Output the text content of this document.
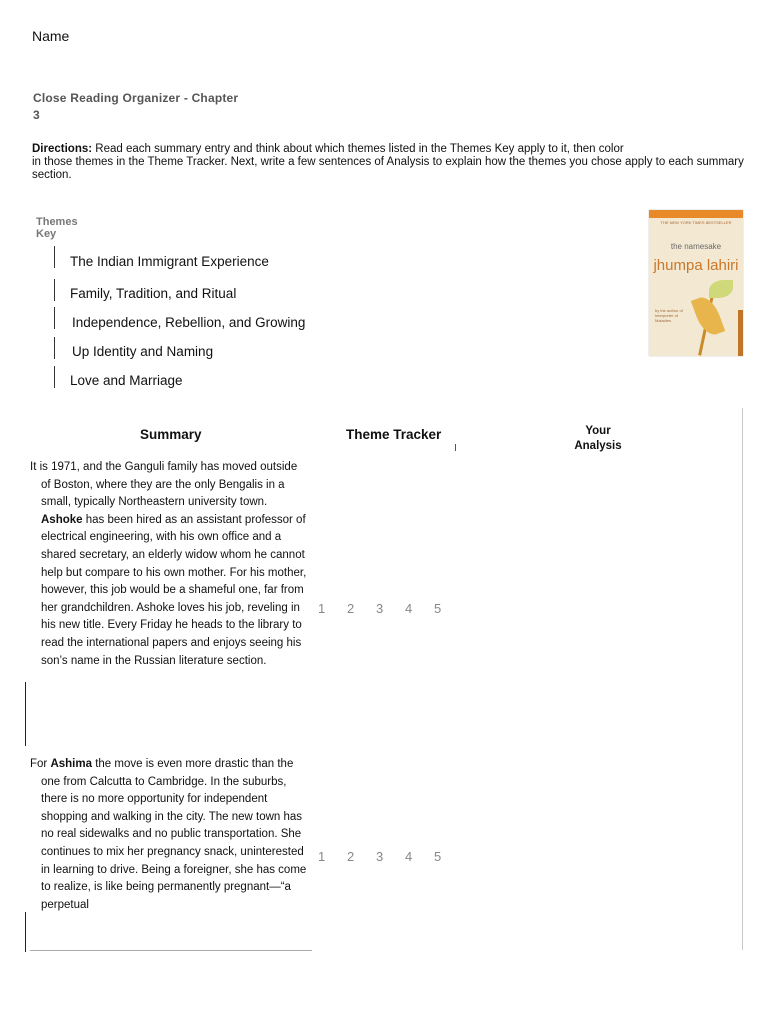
Name
Close Reading Organizer - Chapter
3
Directions: Read each summary entry and think about which themes listed in the Themes Key apply to it, then color
in those themes in the Theme Tracker. Next, write a few sentences of Analysis to explain how the themes you chose apply to each summary section.
Themes
Key
The Indian Immigrant Experience
Family, Tradition, and Ritual
Independence, Rebellion, and Growing
Up Identity and Naming
Love and Marriage
THE NEW YORK TIMES BESTSELLER
the namesake
jhumpa lahiri
by the author of Interpreter of Maladies
Summary	Theme Tracker	Your
Analysis
It is 1971, and the Ganguli family has moved outside of Boston, where they are the only Bengalis in a small, typically Northeastern university town. Ashoke has been hired as an assistant professor of electrical engineering, with his own office and a shared secretary, an elderly widow whom he cannot help but compare to his own mother. For his mother, however, this job would be a shameful one, far from her grandchildren. Ashoke loves his job, reveling in his new title. Every Friday he heads to the library to read the international papers and enjoys seeing his son’s name in the Russian literature section.
1 2 3 4 5
For Ashima the move is even more drastic than the one from Calcutta to Cambridge. In the suburbs, there is no more opportunity for independent shopping and walking in the city. The new town has no real sidewalks and no public transportation. She continues to mix her pregnancy snack, uninterested in learning to drive. Being a foreigner, she has come to realize, is like being permanently pregnant—“a perpetual
1 2 3 4 5
